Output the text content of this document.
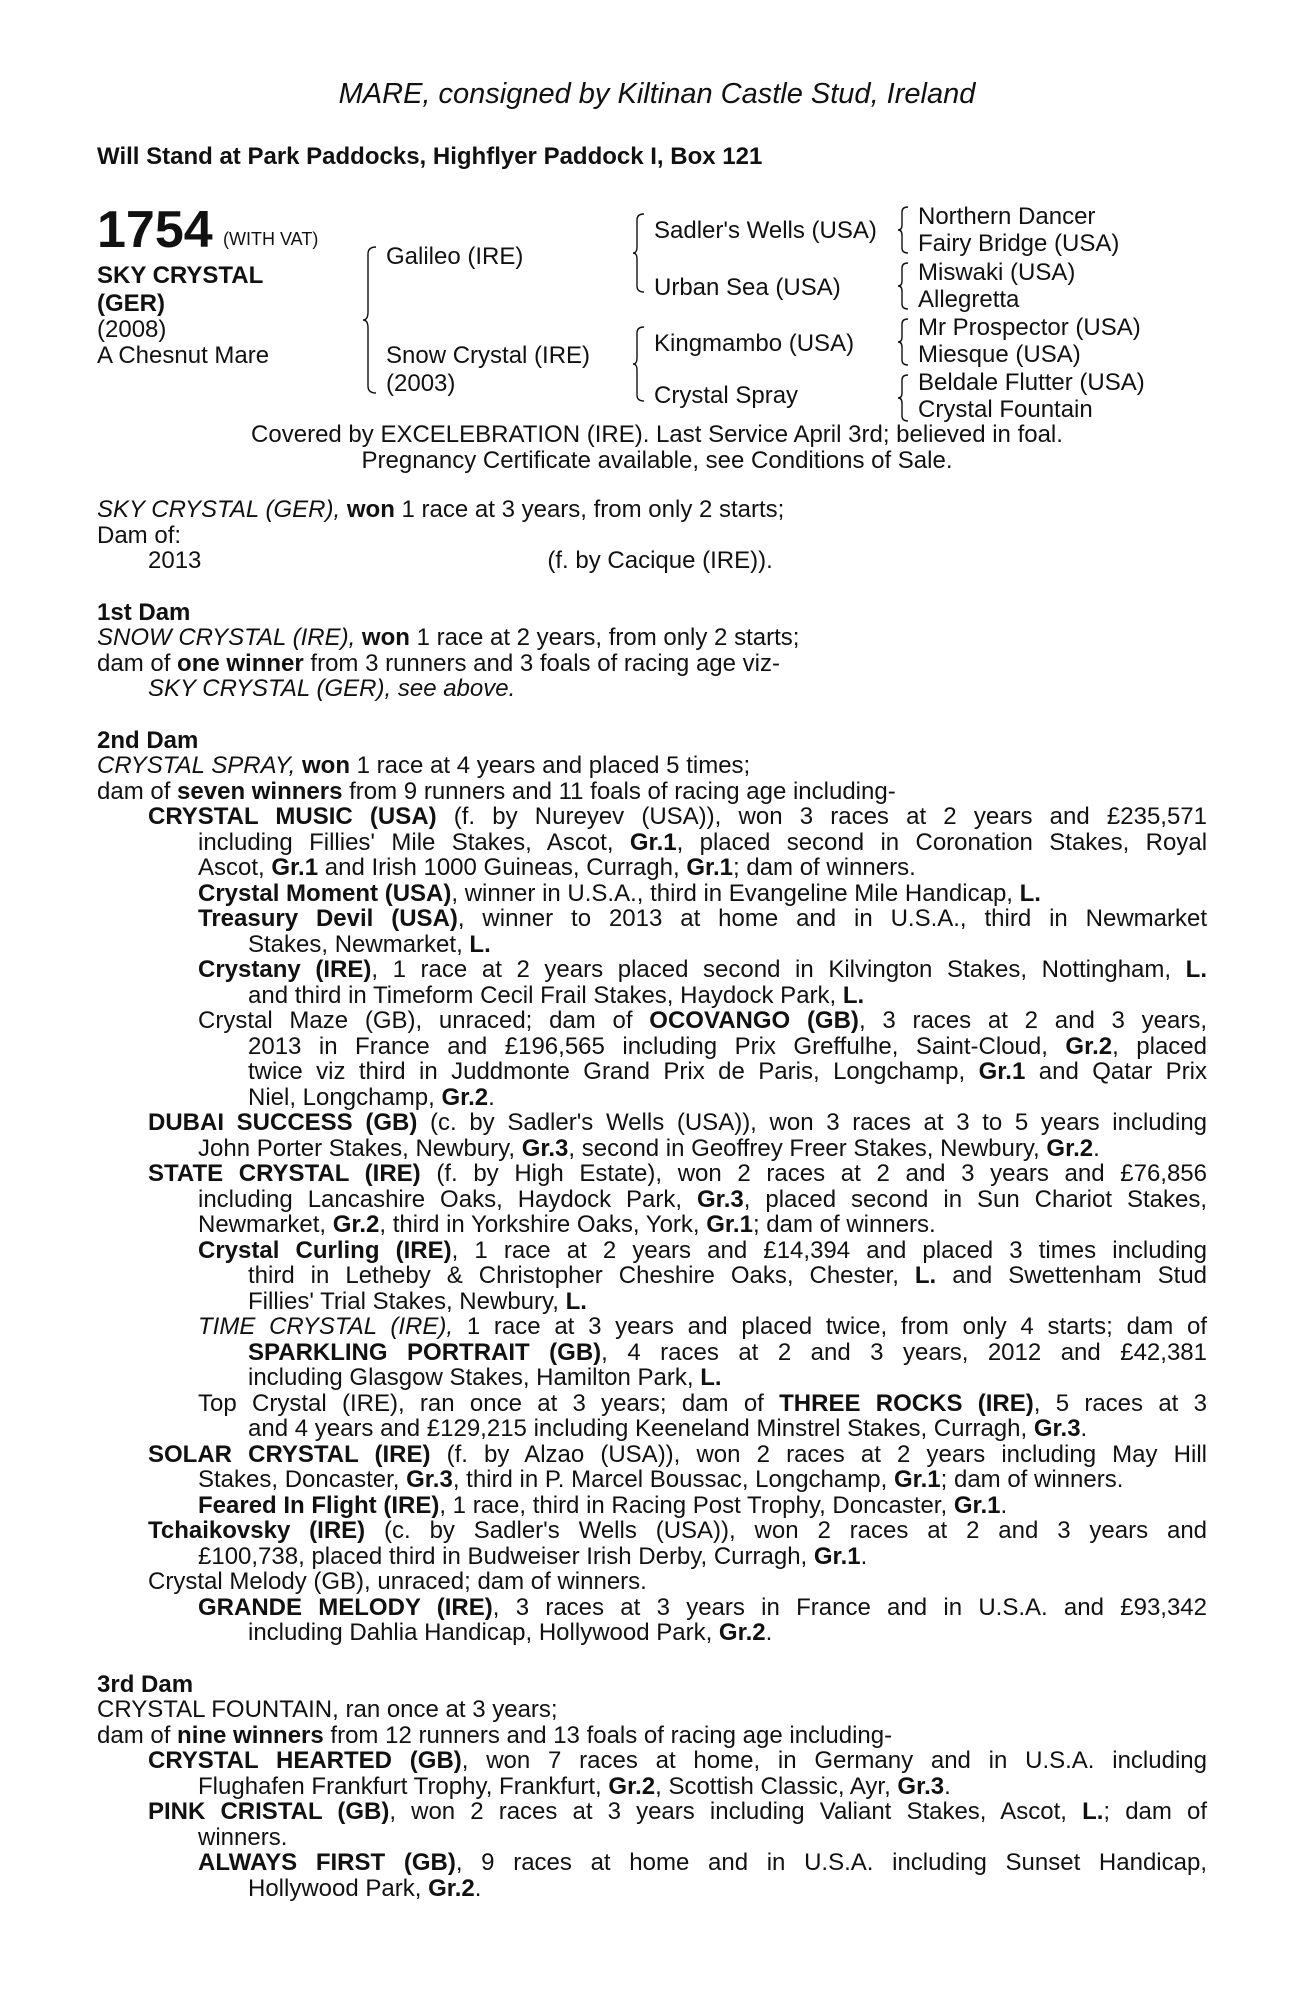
MARE, consigned by Kiltinan Castle Stud, Ireland
Will Stand at Park Paddocks, Highflyer Paddock I, Box 121
1754 (WITH VAT)
SKY CRYSTAL
(GER)
(2008)
A Chesnut Mare
Galileo (IRE)
Snow Crystal (IRE)
(2003)
Sadler's Wells (USA)
Urban Sea (USA)
Kingmambo (USA)
Crystal Spray
Northern Dancer
Fairy Bridge (USA)
Miswaki (USA)
Allegretta
Mr Prospector (USA)
Miesque (USA)
Beldale Flutter (USA)
Crystal Fountain
Covered by EXCELEBRATION (IRE). Last Service April 3rd; believed in foal.
Pregnancy Certificate available, see Conditions of Sale.
SKY CRYSTAL (GER), won 1 race at 3 years, from only 2 starts;
Dam of:
2013	(f. by Cacique (IRE)).
1st Dam
SNOW CRYSTAL (IRE), won 1 race at 2 years, from only 2 starts;
dam of one winner from 3 runners and 3 foals of racing age viz-
SKY CRYSTAL (GER), see above.
2nd Dam
CRYSTAL SPRAY, won 1 race at 4 years and placed 5 times;
dam of seven winners from 9 runners and 11 foals of racing age including-
CRYSTAL MUSIC (USA) (f. by Nureyev (USA)), won 3 races at 2 years and £235,571
including Fillies' Mile Stakes, Ascot, Gr.1, placed second in Coronation Stakes, Royal
Ascot, Gr.1 and Irish 1000 Guineas, Curragh, Gr.1; dam of winners.
Crystal Moment (USA), winner in U.S.A., third in Evangeline Mile Handicap, L.
Treasury Devil (USA), winner to 2013 at home and in U.S.A., third in Newmarket
Stakes, Newmarket, L.
Crystany (IRE), 1 race at 2 years placed second in Kilvington Stakes, Nottingham, L.
and third in Timeform Cecil Frail Stakes, Haydock Park, L.
Crystal Maze (GB), unraced; dam of OCOVANGO (GB), 3 races at 2 and 3 years,
2013 in France and £196,565 including Prix Greffulhe, Saint-Cloud, Gr.2, placed
twice viz third in Juddmonte Grand Prix de Paris, Longchamp, Gr.1 and Qatar Prix
Niel, Longchamp, Gr.2.
DUBAI SUCCESS (GB) (c. by Sadler's Wells (USA)), won 3 races at 3 to 5 years including
John Porter Stakes, Newbury, Gr.3, second in Geoffrey Freer Stakes, Newbury, Gr.2.
STATE CRYSTAL (IRE) (f. by High Estate), won 2 races at 2 and 3 years and £76,856
including Lancashire Oaks, Haydock Park, Gr.3, placed second in Sun Chariot Stakes,
Newmarket, Gr.2, third in Yorkshire Oaks, York, Gr.1; dam of winners.
Crystal Curling (IRE), 1 race at 2 years and £14,394 and placed 3 times including
third in Letheby & Christopher Cheshire Oaks, Chester, L. and Swettenham Stud
Fillies' Trial Stakes, Newbury, L.
TIME CRYSTAL (IRE), 1 race at 3 years and placed twice, from only 4 starts; dam of
SPARKLING PORTRAIT (GB), 4 races at 2 and 3 years, 2012 and £42,381
including Glasgow Stakes, Hamilton Park, L.
Top Crystal (IRE), ran once at 3 years; dam of THREE ROCKS (IRE), 5 races at 3
and 4 years and £129,215 including Keeneland Minstrel Stakes, Curragh, Gr.3.
SOLAR CRYSTAL (IRE) (f. by Alzao (USA)), won 2 races at 2 years including May Hill
Stakes, Doncaster, Gr.3, third in P. Marcel Boussac, Longchamp, Gr.1; dam of winners.
Feared In Flight (IRE), 1 race, third in Racing Post Trophy, Doncaster, Gr.1.
Tchaikovsky (IRE) (c. by Sadler's Wells (USA)), won 2 races at 2 and 3 years and
£100,738, placed third in Budweiser Irish Derby, Curragh, Gr.1.
Crystal Melody (GB), unraced; dam of winners.
GRANDE MELODY (IRE), 3 races at 3 years in France and in U.S.A. and £93,342
including Dahlia Handicap, Hollywood Park, Gr.2.
3rd Dam
CRYSTAL FOUNTAIN, ran once at 3 years;
dam of nine winners from 12 runners and 13 foals of racing age including-
CRYSTAL HEARTED (GB), won 7 races at home, in Germany and in U.S.A. including
Flughafen Frankfurt Trophy, Frankfurt, Gr.2, Scottish Classic, Ayr, Gr.3.
PINK CRISTAL (GB), won 2 races at 3 years including Valiant Stakes, Ascot, L.; dam of
winners.
ALWAYS FIRST (GB), 9 races at home and in U.S.A. including Sunset Handicap,
Hollywood Park, Gr.2.
